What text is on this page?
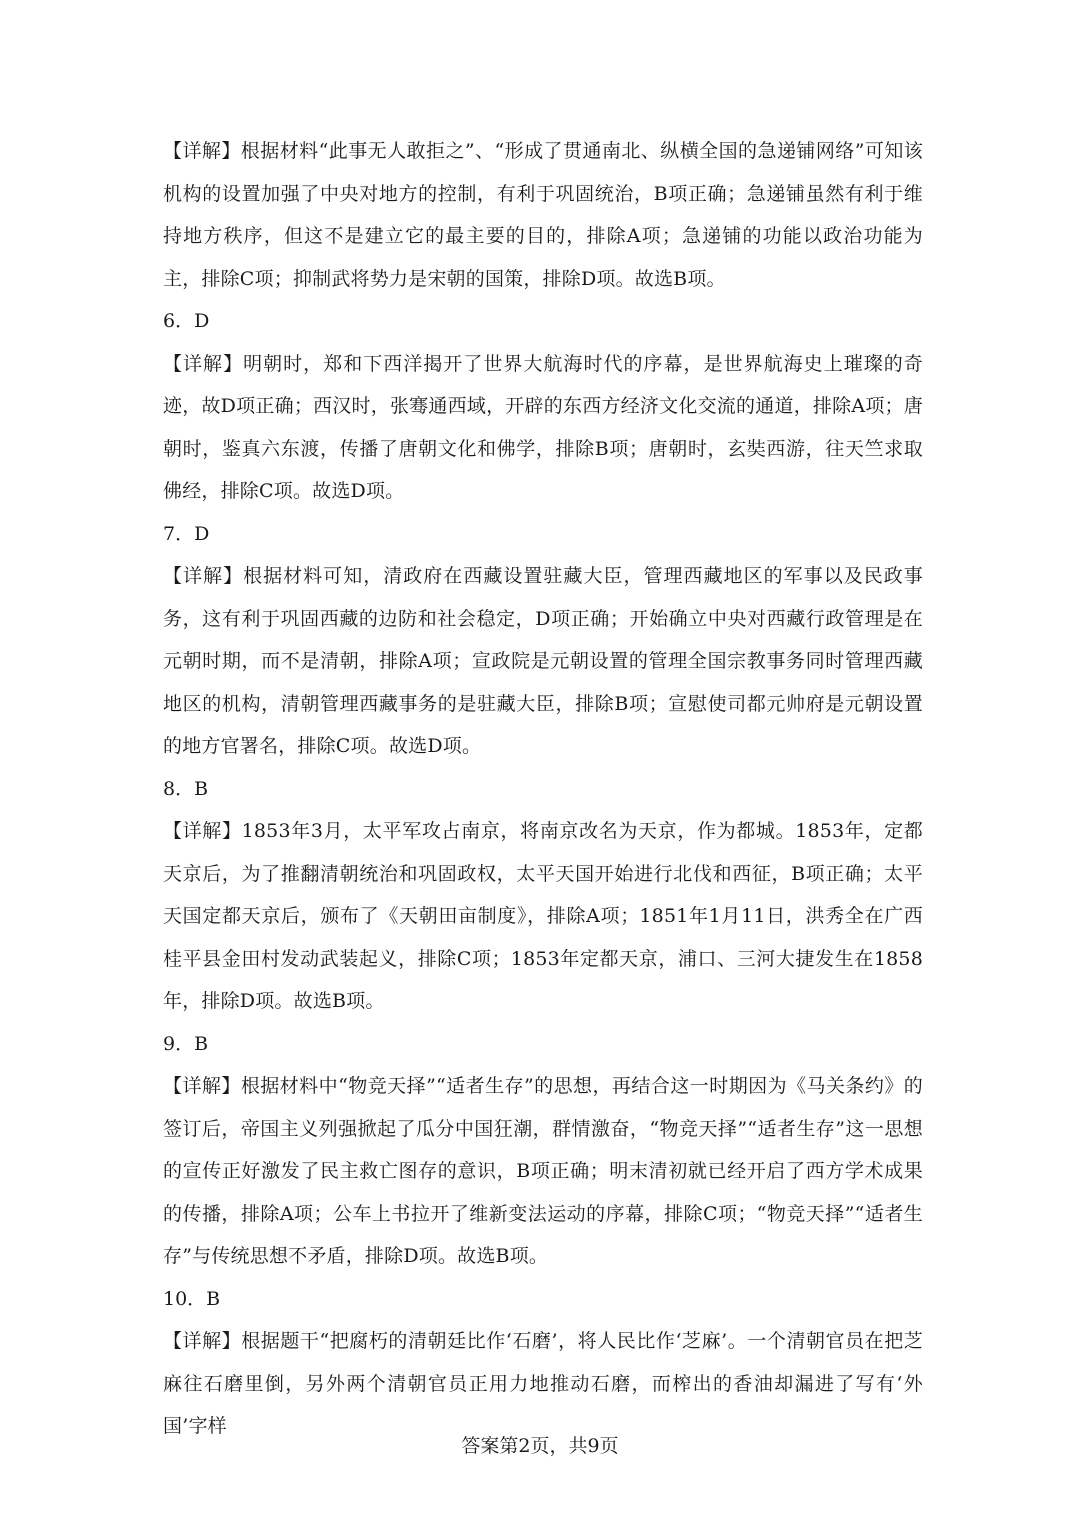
【详解】根据材料“此事无人敢拒之”、“形成了贯通南北、纵横全国的急递铺网络”可知该机构的设置加强了中央对地方的控制，有利于巩固统治，B项正确；急递铺虽然有利于维持地方秩序，但这不是建立它的最主要的目的，排除A项；急递铺的功能以政治功能为主，排除C项；抑制武将势力是宋朝的国策，排除D项。故选B项。

6．D

【详解】明朝时，郑和下西洋揭开了世界大航海时代的序幕，是世界航海史上璀璨的奇迹，故D项正确；西汉时，张骞通西域，开辟的东西方经济文化交流的通道，排除A项；唐朝时，鉴真六东渡，传播了唐朝文化和佛学，排除B项；唐朝时，玄奘西游，往天竺求取佛经，排除C项。故选D项。

7．D

【详解】根据材料可知，清政府在西藏设置驻藏大臣，管理西藏地区的军事以及民政事务，这有利于巩固西藏的边防和社会稳定，D项正确；开始确立中央对西藏行政管理是在元朝时期，而不是清朝，排除A项；宣政院是元朝设置的管理全国宗教事务同时管理西藏地区的机构，清朝管理西藏事务的是驻藏大臣，排除B项；宣慰使司都元帅府是元朝设置的地方官署名，排除C项。故选D项。

8．B

【详解】1853年3月，太平军攻占南京，将南京改名为天京，作为都城。1853年，定都天京后，为了推翻清朝统治和巩固政权，太平天国开始进行北伐和西征，B项正确；太平天国定都天京后，颁布了《天朝田亩制度》，排除A项；1851年1月11日，洪秀全在广西桂平县金田村发动武装起义，排除C项；1853年定都天京，浦口、三河大捷发生在1858年，排除D项。故选B项。

9．B

【详解】根据材料中“物竞天择”“适者生存”的思想，再结合这一时期因为《马关条约》的签订后，帝国主义列强掀起了瓜分中国狂潮，群情激奋，“物竞天择”“适者生存”这一思想的宣传正好激发了民主救亡图存的意识，B项正确；明末清初就已经开启了西方学术成果的传播，排除A项；公车上书拉开了维新变法运动的序幕，排除C项；“物竞天择”“适者生存”与传统思想不矛盾，排除D项。故选B项。

10．B

【详解】根据题干“把腐朽的清朝廷比作‘石磨’，将人民比作‘芝麻’。一个清朝官员在把芝麻往石磨里倒，另外两个清朝官员正用力地推动石磨，而榨出的香油却漏进了写有‘外国’字样

答案第2页，共9页
